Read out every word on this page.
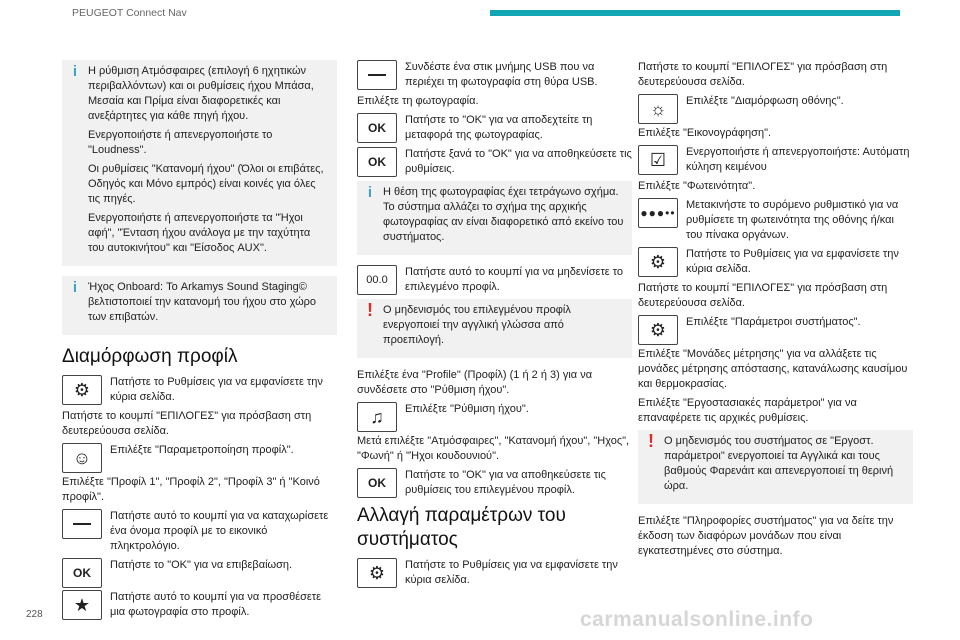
PEUGEOT Connect Nav
i Η ρύθμιση Ατμόσφαιρες (επιλογή 6 ηχητικών περιβαλλόντων) και οι ρυθμίσεις ήχου Μπάσα, Μεσαία και Πρίμα είναι διαφορετικές και ανεξάρτητες για κάθε πηγή ήχου.

Ενεργοποιήστε ή απενεργοποιήστε το "Loudness".

Οι ρυθμίσεις "Κατανομή ήχου" (Όλοι οι επιβάτες, Οδηγός και Μόνο εμπρός) είναι κοινές για όλες τις πηγές.

Ενεργοποιήστε ή απενεργοποιήστε τα "Ήχοι αφή", "Ένταση ήχου ανάλογα με την ταχύτητα του αυτοκινήτου" και "Είσοδος AUX".

i Ήχος Onboard: Το Arkamys Sound Staging© βελτιστοποιεί την κατανομή του ήχου στο χώρο των επιβατών.

Διαμόρφωση προφίλ
⚙	Πατήστε το Ρυθμίσεις για να εμφανίσετε την κύρια σελίδα.

Πατήστε το κουμπί "ΕΠΙΛΟΓΕΣ" για πρόσβαση στη δευτερεύουσα σελίδα.

☺	Επιλέξτε "Παραμετροποίηση προφίλ".

Επιλέξτε "Προφίλ 1", "Προφίλ 2", "Προφίλ 3" ή "Κοινό προφίλ".

Πατήστε αυτό το κουμπί για να καταχωρίσετε ένα όνομα προφίλ με το εικονικό πληκτρολόγιο.

OK

Πατήστε το "OK" για να επιβεβαίωση.

★	Πατήστε αυτό το κουμπί για να προσθέσετε μια φωτογραφία στο προφίλ.

Συνδέστε ένα στικ μνήμης USB που να περιέχει τη φωτογραφία στη θύρα USB.

Επιλέξτε τη φωτογραφία.

OK

Πατήστε το "OK" για να αποδεχτείτε τη μεταφορά της φωτογραφίας.

OK

Πατήστε ξανά το "OK" για να αποθηκεύσετε τις ρυθμίσεις.

i Η θέση της φωτογραφίας έχει τετράγωνο σχήμα. Το σύστημα αλλάζει το σχήμα της αρχικής φωτογραφίας αν είναι διαφορετικό από εκείνο του συστήματος.

00.0

Πατήστε αυτό το κουμπί για να μηδενίσετε το επιλεγμένο προφίλ.

! Ο μηδενισμός του επιλεγμένου προφίλ ενεργοποιεί την αγγλική γλώσσα από προεπιλογή.

Επιλέξτε ένα "Profile" (Προφίλ) (1 ή 2 ή 3) για να συνδέσετε στο "Ρύθμιση ήχου".

♫	Επιλέξτε "Ρύθμιση ήχου".

Μετά επιλέξτε "Ατμόσφαιρες", "Κατανομή ήχου", "Ηχος", "Φωνή" ή "Ήχοι κουδουνιού".

OK

Πατήστε το "OK" για να αποθηκεύσετε τις ρυθμίσεις του επιλεγμένου προφίλ.

Αλλαγή παραμέτρων του συστήματος
⚙	Πατήστε το Ρυθμίσεις για να εμφανίσετε την κύρια σελίδα.

Πατήστε το κουμπί "ΕΠΙΛΟΓΕΣ" για πρόσβαση στη δευτερεύουσα σελίδα.

☼	Επιλέξτε "Διαμόρφωση οθόνης".

Επιλέξτε "Εικονογράφηση".

☑	Ενεργοποιήστε ή απενεργοποιήστε: Αυτόματη κύληση κειμένου

Επιλέξτε "Φωτεινότητα".

●●●••

Μετακινήστε το συρόμενο ρυθμιστικό για να ρυθμίσετε τη φωτεινότητα της οθόνης ή/και του πίνακα οργάνων.

⚙	Πατήστε το Ρυθμίσεις για να εμφανίσετε την κύρια σελίδα.

Πατήστε το κουμπί "ΕΠΙΛΟΓΕΣ" για πρόσβαση στη δευτερεύουσα σελίδα.

⚙	Επιλέξτε "Παράμετροι συστήματος".

Επιλέξτε "Μονάδες μέτρησης" για να αλλάξετε τις μονάδες μέτρησης απόστασης, κατανάλωσης καυσίμου και θερμοκρασίας.

Επιλέξτε "Εργοστασιακές παράμετροι" για να επαναφέρετε τις αρχικές ρυθμίσεις.

! Ο μηδενισμός του συστήματος σε "Εργοστ. παράμετροι" ενεργοποιεί τα Αγγλικά και τους βαθμούς Φαρενάιτ και απενεργοποιεί τη θερινή ώρα.

Επιλέξτε "Πληροφορίες συστήματος" για να δείτε την έκδοση των διαφόρων μονάδων που είναι εγκατεστημένες στο σύστημα.

228	carmanualsonline.info
